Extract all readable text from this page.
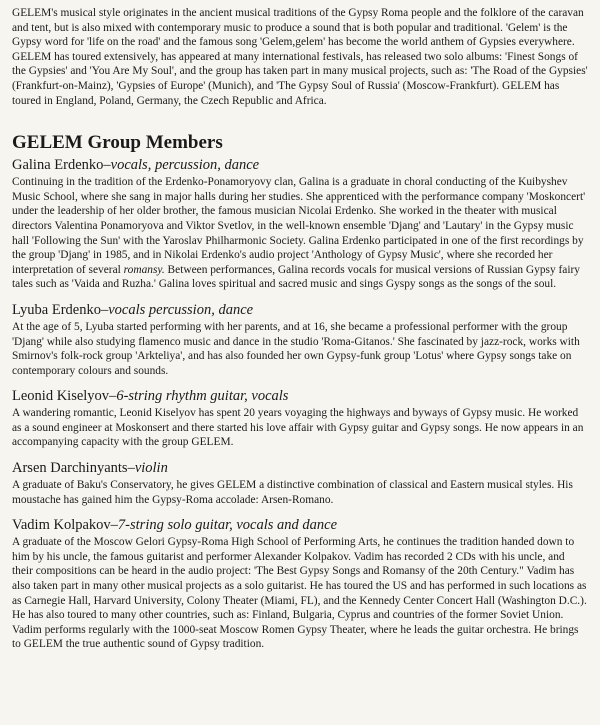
GELEM's musical style originates in the ancient musical traditions of the Gypsy Roma people and the folklore of the caravan and tent, but is also mixed with contemporary music to produce a sound that is both popular and traditional. 'Gelem' is the Gypsy word for 'life on the road' and the famous song 'Gelem,gelem' has become the world anthem of Gypsies everywhere. GELEM has toured extensively, has appeared at many international festivals, has released two solo albums: 'Finest Songs of the Gypsies' and 'You Are My Soul', and the group has taken part in many musical projects, such as: 'The Road of the Gypsies' (Frankfurt-on-Mainz), 'Gypsies of Europe' (Munich), and 'The Gypsy Soul of Russia' (Moscow-Frankfurt). GELEM has toured in England, Poland, Germany, the Czech Republic and Africa.

GELEM Group Members
Galina Erdenko–vocals, percussion, dance

Continuing in the tradition of the Erdenko-Ponamoryovy clan, Galina is a graduate in choral conducting of the Kuibyshev Music School, where she sang in major halls during her studies. She apprenticed with the performance company 'Moskoncert' under the leadership of her older brother, the famous musician Nicolai Erdenko. She worked in the theater with musical directors Valentina Ponamoryova and Viktor Svetlov, in the well-known ensemble 'Djang' and 'Lautary' in the Gypsy music hall 'Following the Sun' with the Yaroslav Philharmonic Society. Galina Erdenko participated in one of the first recordings by the group 'Djang' in 1985, and in Nikolai Erdenko's audio project 'Anthology of Gypsy Music', where she recorded her interpretation of several romansy. Between performances, Galina records vocals for musical versions of Russian Gypsy fairy tales such as 'Vaida and Ruzha.' Galina loves spiritual and sacred music and sings Gyspy songs as the songs of the soul.

Lyuba Erdenko–vocals percussion, dance

At the age of 5, Lyuba started performing with her parents, and at 16, she became a professional performer with the group 'Djang' while also studying flamenco music and dance in the studio 'Roma-Gitanos.' She fascinated by jazz-rock, works with Smirnov's folk-rock group 'Arkteliya', and has also founded her own Gypsy-funk group 'Lotus' where Gypsy songs take on contemporary colours and sounds.

Leonid Kiselyov–6-string rhythm guitar, vocals

A wandering romantic, Leonid Kiselyov has spent 20 years voyaging the highways and byways of Gypsy music. He worked as a sound engineer at Moskonsert and there started his love affair with Gypsy guitar and Gypsy songs. He now appears in an accompanying capacity with the group GELEM.

Arsen Darchinyants–violin

A graduate of Baku's Conservatory, he gives GELEM a distinctive combination of classical and Eastern musical styles. His moustache has gained him the Gypsy-Roma accolade: Arsen-Romano.

Vadim Kolpakov–7-string solo guitar, vocals and dance

A graduate of the Moscow Gelori Gypsy-Roma High School of Performing Arts, he continues the tradition handed down to him by his uncle, the famous guitarist and performer Alexander Kolpakov. Vadim has recorded 2 CDs with his uncle, and their compositions can be heard in the audio project: 'The Best Gypsy Songs and Romansy of the 20th Century." Vadim has also taken part in many other musical projects as a solo guitarist. He has toured the US and has performed in such locations as as Carnegie Hall, Harvard University, Colony Theater (Miami, FL), and the Kennedy Center Concert Hall (Washington D.C.). He has also toured to many other countries, such as: Finland, Bulgaria, Cyprus and countries of the former Soviet Union. Vadim performs regularly with the 1000-seat Moscow Romen Gypsy Theater, where he leads the guitar orchestra. He brings to GELEM the true authentic sound of Gypsy tradition.
